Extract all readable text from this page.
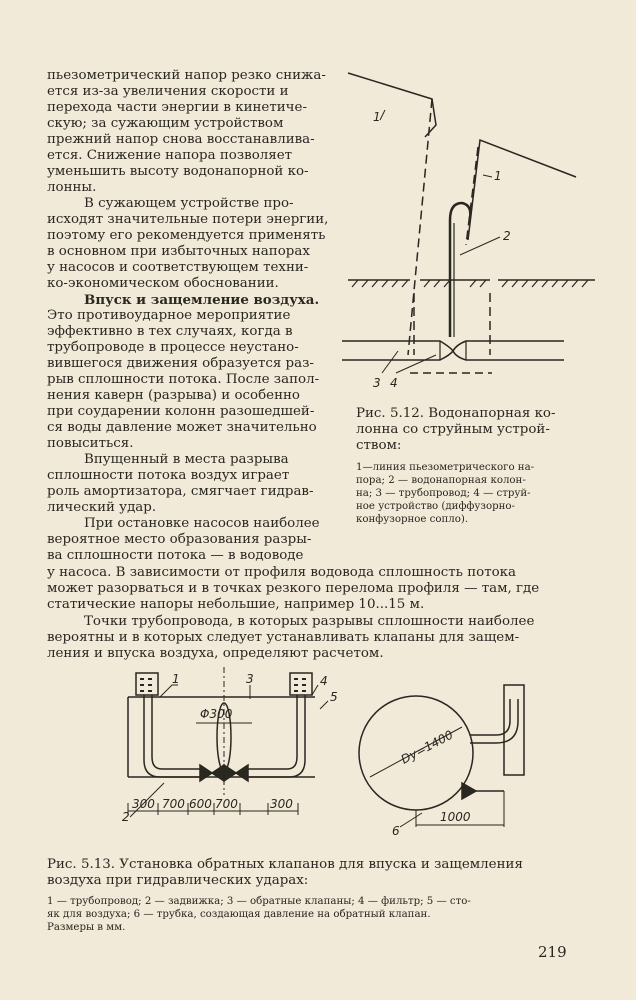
пьезометрический напор резко снижа-
ется из-за увеличения скорости и
перехода части энергии в кинетиче-
скую; за сужающим устройством
прежний напор снова восстанавлива-
ется. Снижение напора позволяет
уменьшить высоту водонапорной ко-
лонны.
В сужающем устройстве про-
исходят значительные потери энергии,
поэтому его рекомендуется применять
в основном при избыточных напорах
у насосов и соответствующем техни-
ко-экономическом обосновании.
Впуск и защемление воздуха.
Это противоударное мероприятие
эффективно в тех случаях, когда в
трубопроводе в процессе неустано-
вившегося движения образуется раз-
рыв сплошности потока. После запол-
нения каверн (разрыва) и особенно
при соударении колонн разошедшей-
ся воды давление может значительно
повыситься.
Впущенный в места разрыва
сплошности потока воздух играет
роль амортизатора, смягчает гидрав-
лический удар.
При остановке насосов наиболее
вероятное место образования разры-
ва сплошности потока — в водоводе
у насоса. В зависимости от профиля водовода сплошность потока
может разорваться и в точках резкого перелома профиля — там, где
статические напоры небольшие, например 10...15 м.
Точки трубопровода, в которых разрывы сплошности наиболее
вероятны и в которых следует устанавливать клапаны для защем-
ления и впуска воздуха, определяют расчетом.
1
1
2
3 4
Рис. 5.12. Водонапорная ко-
лонна со струйным устрой-
ством:
1—линия пьезометрического на-
пора; 2 — водонапорная колон-
на; 3 — трубопровод; 4 — струй-
ное устройство (диффузорно-
конфузорное сопло).
1
2
3	4
5
6
Φ300
300 700 600 700	300
Dy=1400
1000
Рис. 5.13. Установка обратных клапанов для впуска и защемления
воздуха при гидравлических ударах:
1 — трубопровод; 2 — задвижка; 3 — обратные клапаны; 4 — фильтр; 5 — сто-
як для воздуха; 6 — трубка, создающая давление на обратный клапан.
Размеры в мм.
219
